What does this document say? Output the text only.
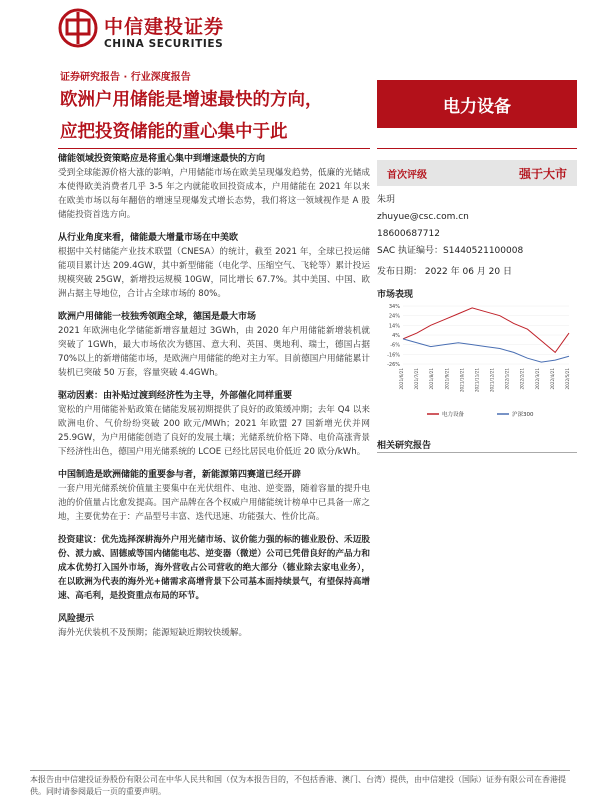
中信建投证券
CHINA SECURITIES
证券研究报告 · 行业深度报告
欧洲户用储能是增速最快的方向，
应把投资储能的重心集中于此
电力设备

储能领域投资策略应是将重心集中到增速最快的方向

受到全球能源价格大涨的影响，户用储能市场在欧美呈现爆发趋势，低廉的光储成本使得欧美消费者几乎 3-5 年之内就能收回投资成本，户用储能在 2021 年以来在欧美市场以每年翻倍的增速呈现爆发式增长态势，我们将这一领域视作是 A 股储能投资首选方向。

从行业角度来看，储能最大增量市场在中美欧

根据中关村储能产业技术联盟（CNESA）的统计，截至 2021 年，全球已投运储能项目累计达 209.4GW，其中新型储能（电化学、压缩空气、飞轮等）累计投运规模突破 25GW，新增投运规模 10GW，同比增长 67.7%。其中美国、中国、欧洲占据主导地位，合计占全球市场的 80%。

欧洲户用储能一枝独秀领跑全球，德国是最大市场

2021 年欧洲电化学储能新增容量超过 3GWh，由 2020 年户用储能新增装机就突破了 1GWh，最大市场依次为德国、意大利、英国、奥地利、瑞士，德国占据 70%以上的新增储能市场，是欧洲户用储能的绝对主力军。目前德国户用储能累计装机已突破 50 万套，容量突破 4.4GWh。

驱动因素：由补贴过渡到经济性为主导，外部催化同样重要

宽松的户用储能补贴政策在储能发展初期提供了良好的政策缓冲期；去年 Q4 以来欧洲电价、气价纷纷突破 200 欧元/MWh；2021 年欧盟 27 国新增光伏并网 25.9GW，为户用储能创造了良好的发展土壤；光储系统价格下降、电价高涨背景下经济性出色，德国户用光储系统的 LCOE 已经比居民电价低近 20 欧分/kWh。

中国制造是欧洲储能的重要参与者，新能源第四赛道已经开辟

一套户用光储系统价值量主要集中在光伏组件、电池、逆变器，随着容量的提升电池的价值量占比愈发提高。国产品牌在各个权威户用储能统计榜单中已具备一席之地，主要优势在于：产品型号丰富、迭代迅速、功能强大、性价比高。

投资建议：优先选择深耕海外户用光储市场、议价能力强的标的德业股份、禾迈股份、派力威、固德威等国内储能电芯、逆变器（微逆）公司已凭借良好的产品力和成本优势打入国外市场，海外营收占公司营收的绝大部分（德业除去家电业务），在以欧洲为代表的海外光+储需求高增背景下公司基本面持续景气，有望保持高增速、高毛利，是投资重点布局的环节。

风险提示

海外光伏装机不及预期；能源短缺近期较快缓解。

首次评级	强于大市
朱玥
zhuyue@csc.com.cn
18600687712
SAC 执证编号：S1440521100008
发布日期： 2022 年 06 月 20 日
市场表现
34%
24%
14%
4%
-6%
-16%
-26%
2021/6/21 2021/7/21 2021/8/21 2021/9/21 2021/10/21 2021/11/21 2021/12/21 2022/1/21 2022/2/21 2022/3/21 2022/4/21 2022/5/21
电力设备	沪深300
相关研究报告
本报告由中信建投证券股份有限公司在中华人民共和国（仅为本报告目的，不包括香港、澳门、台湾）提供，由中信建投（国际）证券有限公司在香港提供。同时请参阅最后一页的重要声明。
